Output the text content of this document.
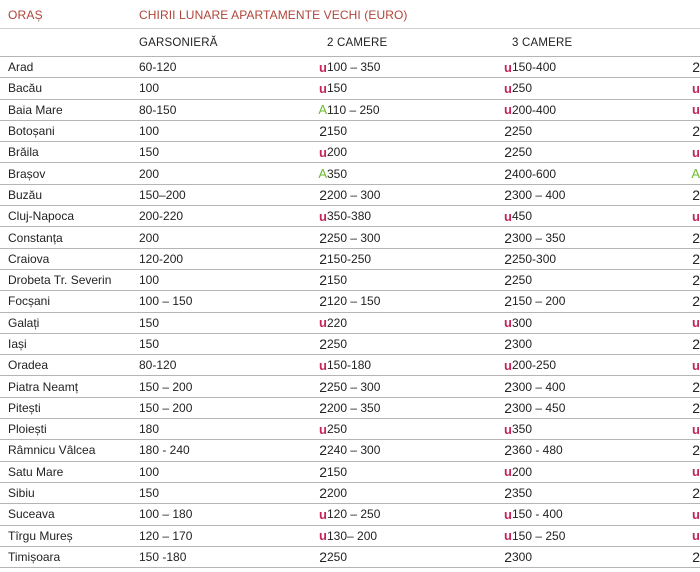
ORAȘ	CHIRII LUNARE APARTAMENTE VECHI (EURO)
GARSONIERĂ	2 CAMERE	3 CAMERE
Arad	60-120	u	100 – 350	u	150-400	2
Bacău	100	u	150	u	250	u
Baia Mare	80-150	A	110 – 250	u	200-400	u
Botoșani	100	2	150	2	250	2
Brăila	150	u	200	2	250	u
Brașov	200	A	350	2	400-600	A
Buzău	150–200	2	200 – 300	2	300 – 400	2
Cluj-Napoca	200-220	u	350-380	u	450	u
Constanța	200	2	250 – 300	2	300 – 350	2
Craiova	120-200	2	150-250	2	250-300	2
Drobeta Tr. Severin	100	2	150	2	250	2
Focșani	100 – 150	2	120 – 150	2	150 – 200	2
Galați	150	u	220	u	300	u
Iași	150	2	250	2	300	2
Oradea	80-120	u	150-180	u	200-250	u
Piatra Neamț	150 – 200	2	250 – 300	2	300 – 400	2
Pitești	150 – 200	2	200 – 350	2	300 – 450	2
Ploiești	180	u	250	u	350	u
Râmnicu Vâlcea	180 - 240	2	240 – 300	2	360 - 480	2
Satu Mare	100	2	150	u	200	u
Sibiu	150	2	200	2	350	2
Suceava	100 – 180	u	120 – 250	u	150 - 400	u
Tîrgu Mureș	120 – 170	u	130– 200	u	150 – 250	u
Timișoara	150 -180	2	250	2	300	2
